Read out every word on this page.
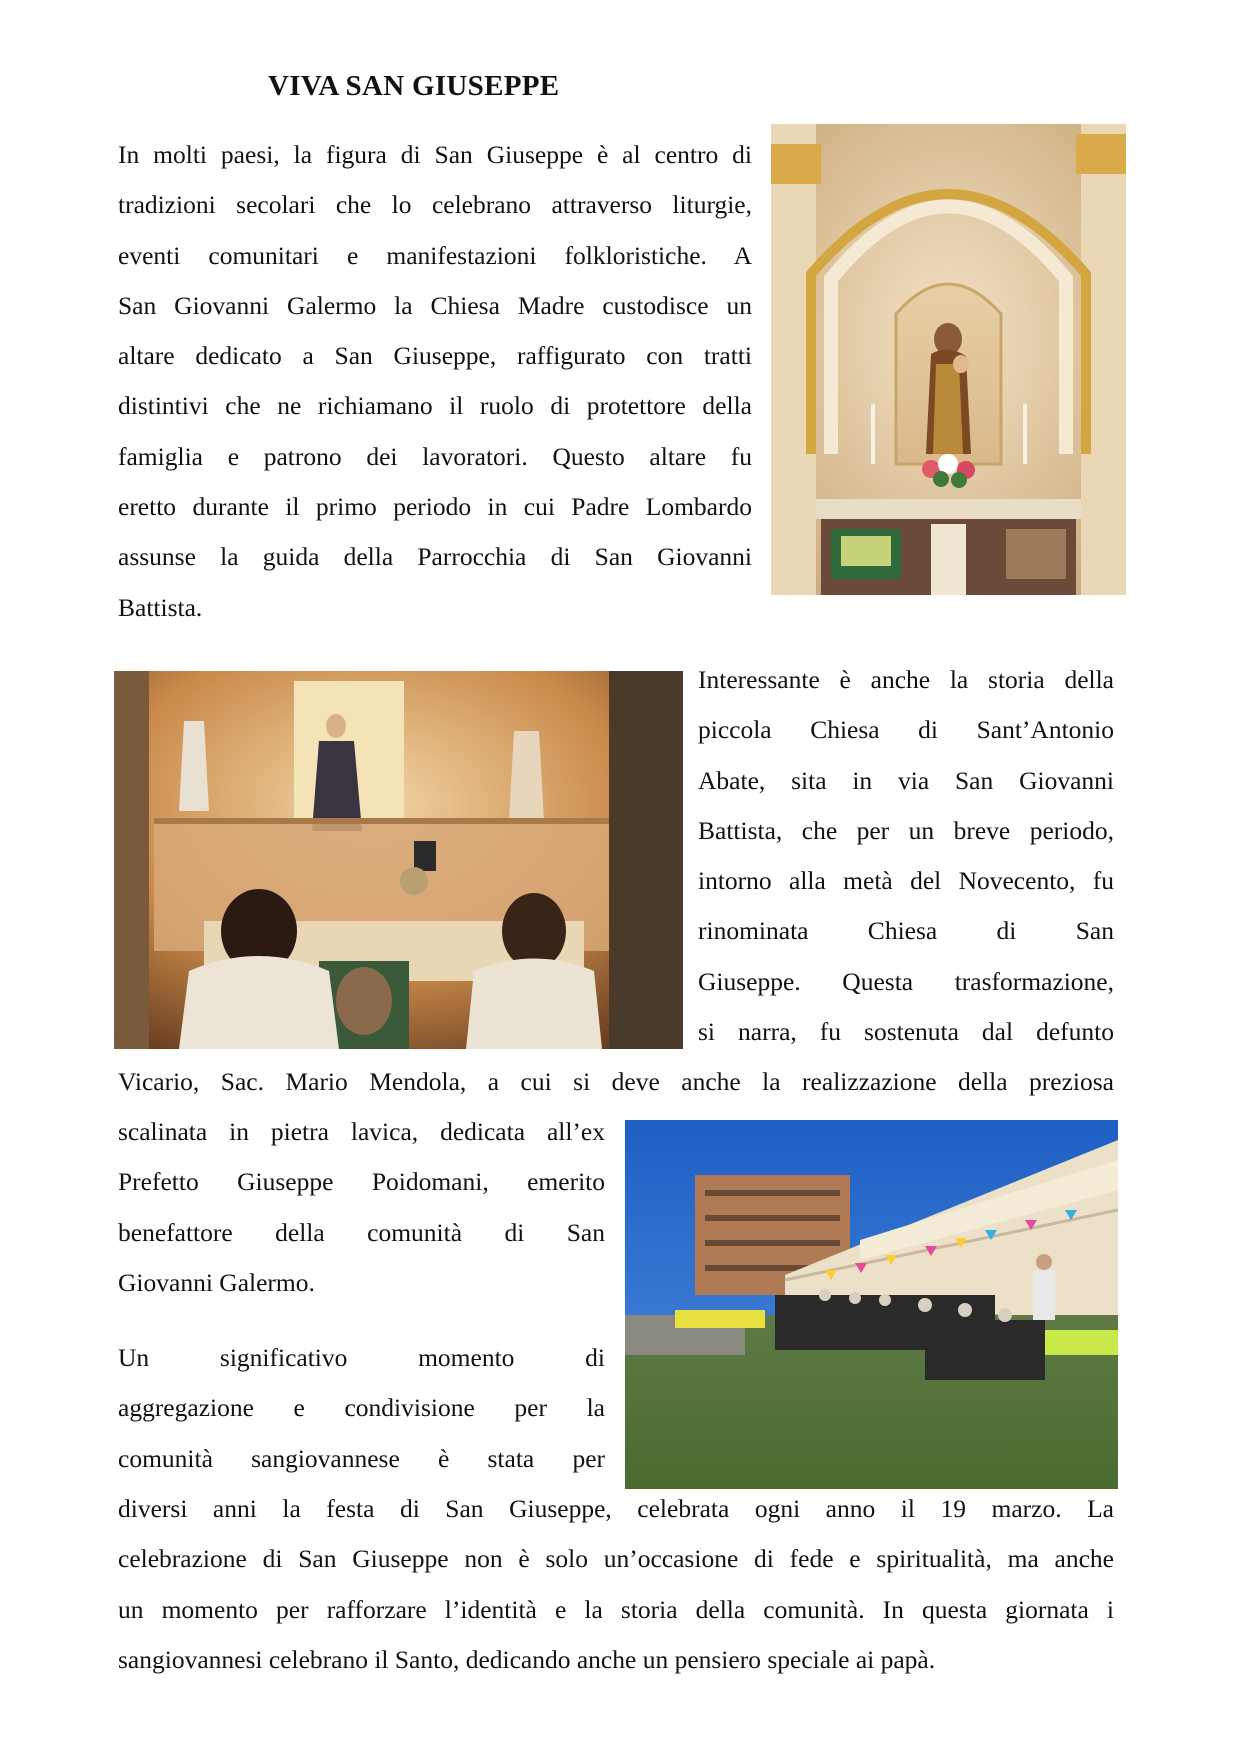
VIVA SAN GIUSEPPE
In molti paesi, la figura di San Giuseppe è al centro di
tradizioni secolari che lo celebrano attraverso liturgie,
eventi comunitari e manifestazioni folkloristiche. A
San Giovanni Galermo la Chiesa Madre custodisce un
altare dedicato a San Giuseppe, raffigurato con tratti
distintivi che ne richiamano il ruolo di protettore della
famiglia e patrono dei lavoratori. Questo altare fu
eretto durante il primo periodo in cui Padre Lombardo
assunse la guida della Parrocchia di San Giovanni
Battista.
Interessante è anche la storia della
piccola Chiesa di Sant’Antonio
Abate, sita in via San Giovanni
Battista, che per un breve periodo,
intorno alla metà del Novecento, fu
rinominata Chiesa di San
Giuseppe. Questa trasformazione,
si narra, fu sostenuta dal defunto
Vicario, Sac. Mario Mendola, a cui si deve anche la realizzazione della preziosa
scalinata in pietra lavica, dedicata all’ex
Prefetto Giuseppe Poidomani, emerito
benefattore della comunità di San
Giovanni Galermo.
Un significativo momento di
aggregazione e condivisione per la
comunità sangiovannese è stata per
diversi anni la festa di San Giuseppe, celebrata ogni anno il 19 marzo. La
celebrazione di San Giuseppe non è solo un’occasione di fede e spiritualità, ma anche
un momento per rafforzare l’identità e la storia della comunità. In questa giornata i
sangiovannesi celebrano il Santo, dedicando anche un pensiero speciale ai papà.
